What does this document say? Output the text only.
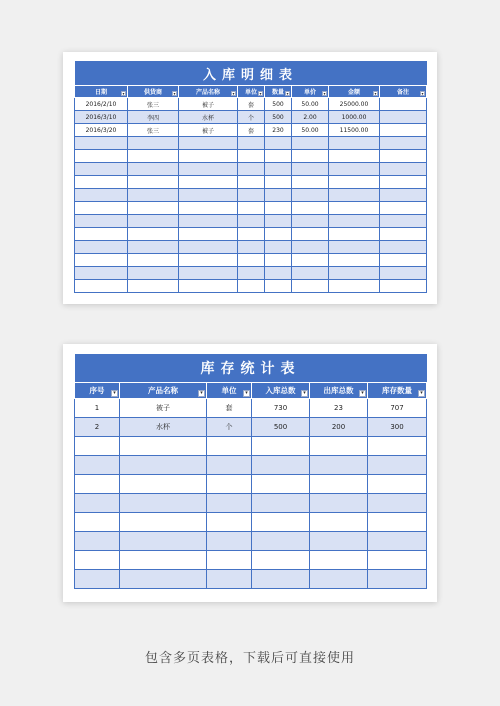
入库明细表							
日期 ▾	供货商 ▾	产品名称 ▾	单位 ▾	数量 ▾	单价 ▾	金额 ▾	备注 ▾

2016/2/10	张三	被子	套	500	50.00	25000.00	
2016/3/10	李四	水杯	个	500	2.00	1000.00	
2016/3/20	张三	被子	套	230	50.00	11500.00	

库存统计表					
序号 ▾	产品名称 ▾	单位 ▾	入库总数 ▾	出库总数 ▾	库存数量 ▾

1	被子	套	730	23	707
2	水杯	个	500	200	300

包含多页表格，下载后可直接使用
